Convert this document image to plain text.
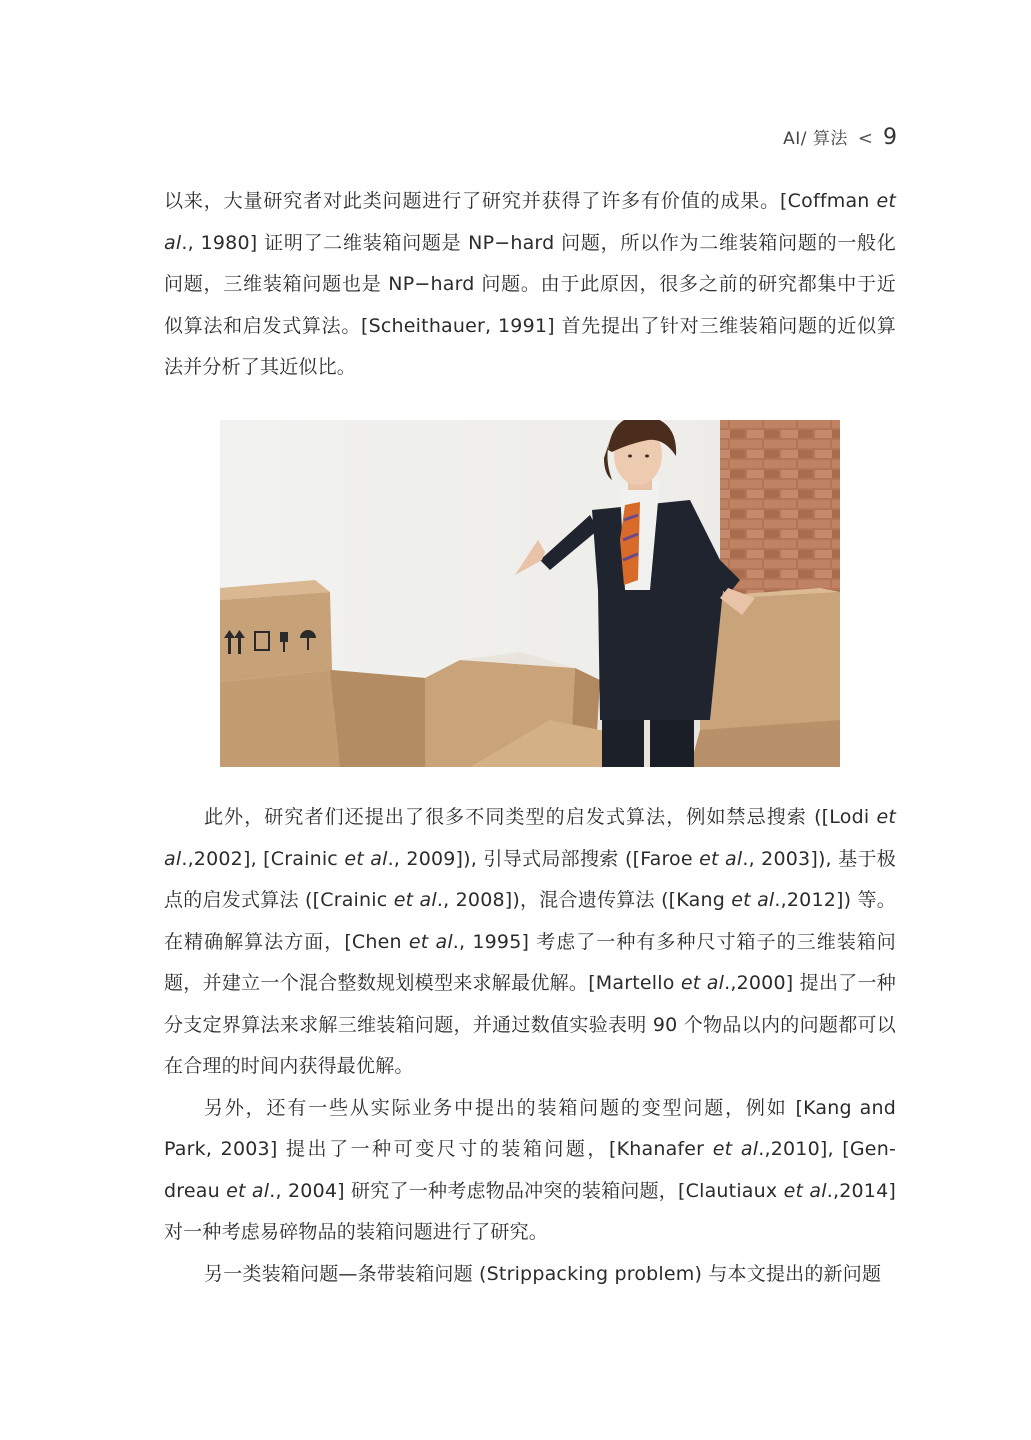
AI/ 算法 < 9

以来，大量研究者对此类问题进行了研究并获得了许多有价值的成果。[Coffman et al., 1980] 证明了二维装箱问题是 NP−hard 问题，所以作为二维装箱问题的一般化问题，三维装箱问题也是 NP−hard 问题。由于此原因，很多之前的研究都集中于近似算法和启发式算法。[Scheithauer, 1991] 首先提出了针对三维装箱问题的近似算法并分析了其近似比。

此外，研究者们还提出了很多不同类型的启发式算法，例如禁忌搜索 ([Lodi et al.,2002], [Crainic et al., 2009]), 引导式局部搜索 ([Faroe et al., 2003]), 基于极点的启发式算法 ([Crainic et al., 2008])，混合遗传算法 ([Kang et al.,2012]) 等。在精确解算法方面，[Chen et al., 1995] 考虑了一种有多种尺寸箱子的三维装箱问题，并建立一个混合整数规划模型来求解最优解。[Martello et al.,2000] 提出了一种分支定界算法来求解三维装箱问题，并通过数值实验表明 90 个物品以内的问题都可以在合理的时间内获得最优解。

另外，还有一些从实际业务中提出的装箱问题的变型问题，例如 [Kang and Park, 2003] 提出了一种可变尺寸的装箱问题，[Khanafer et al.,2010], [Gen-dreau et al., 2004] 研究了一种考虑物品冲突的装箱问题，[Clautiaux et al.,2014] 对一种考虑易碎物品的装箱问题进行了研究。

另一类装箱问题—条带装箱问题 (Strippacking problem) 与本文提出的新问题
